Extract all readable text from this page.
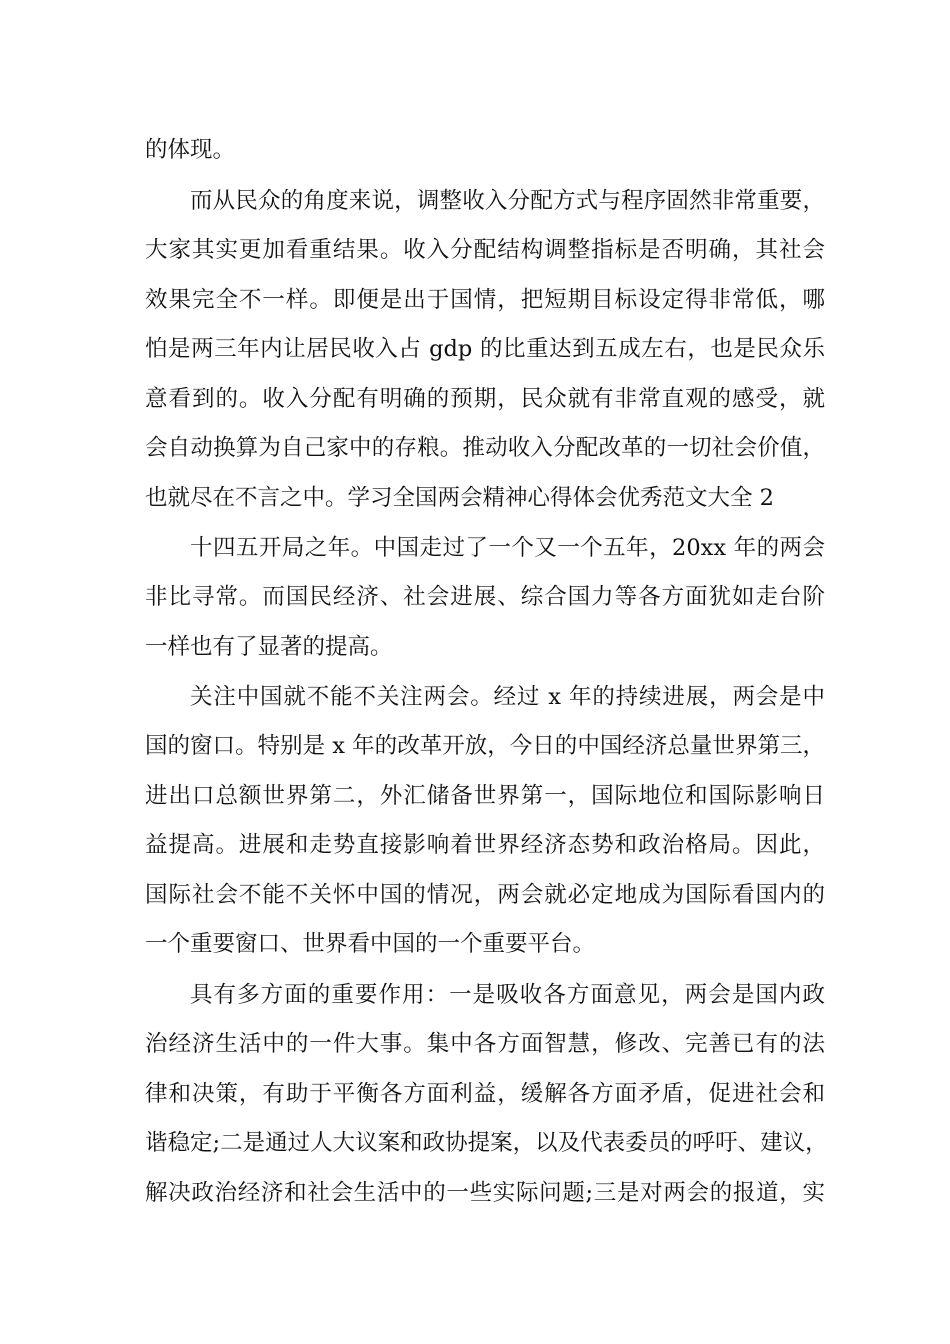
的体现。
而从民众的角度来说，调整收入分配方式与程序固然非常重要，
大家其实更加看重结果。收入分配结构调整指标是否明确，其社会
效果完全不一样。即便是出于国情，把短期目标设定得非常低，哪
怕是两三年内让居民收入占 gdp 的比重达到五成左右，也是民众乐
意看到的。收入分配有明确的预期，民众就有非常直观的感受，就
会自动换算为自己家中的存粮。推动收入分配改革的一切社会价值，
也就尽在不言之中。学习全国两会精神心得体会优秀范文大全 2
十四五开局之年。中国走过了一个又一个五年，20xx 年的两会
非比寻常。而国民经济、社会进展、综合国力等各方面犹如走台阶
一样也有了显著的提高。
关注中国就不能不关注两会。经过 x 年的持续进展，两会是中
国的窗口。特别是 x 年的改革开放，今日的中国经济总量世界第三，
进出口总额世界第二，外汇储备世界第一，国际地位和国际影响日
益提高。进展和走势直接影响着世界经济态势和政治格局。因此，
国际社会不能不关怀中国的情况，两会就必定地成为国际看国内的
一个重要窗口、世界看中国的一个重要平台。
具有多方面的重要作用：一是吸收各方面意见，两会是国内政
治经济生活中的一件大事。集中各方面智慧，修改、完善已有的法
律和决策，有助于平衡各方面利益，缓解各方面矛盾，促进社会和
谐稳定;二是通过人大议案和政协提案，以及代表委员的呼吁、建议，
解决政治经济和社会生活中的一些实际问题;三是对两会的报道，实
